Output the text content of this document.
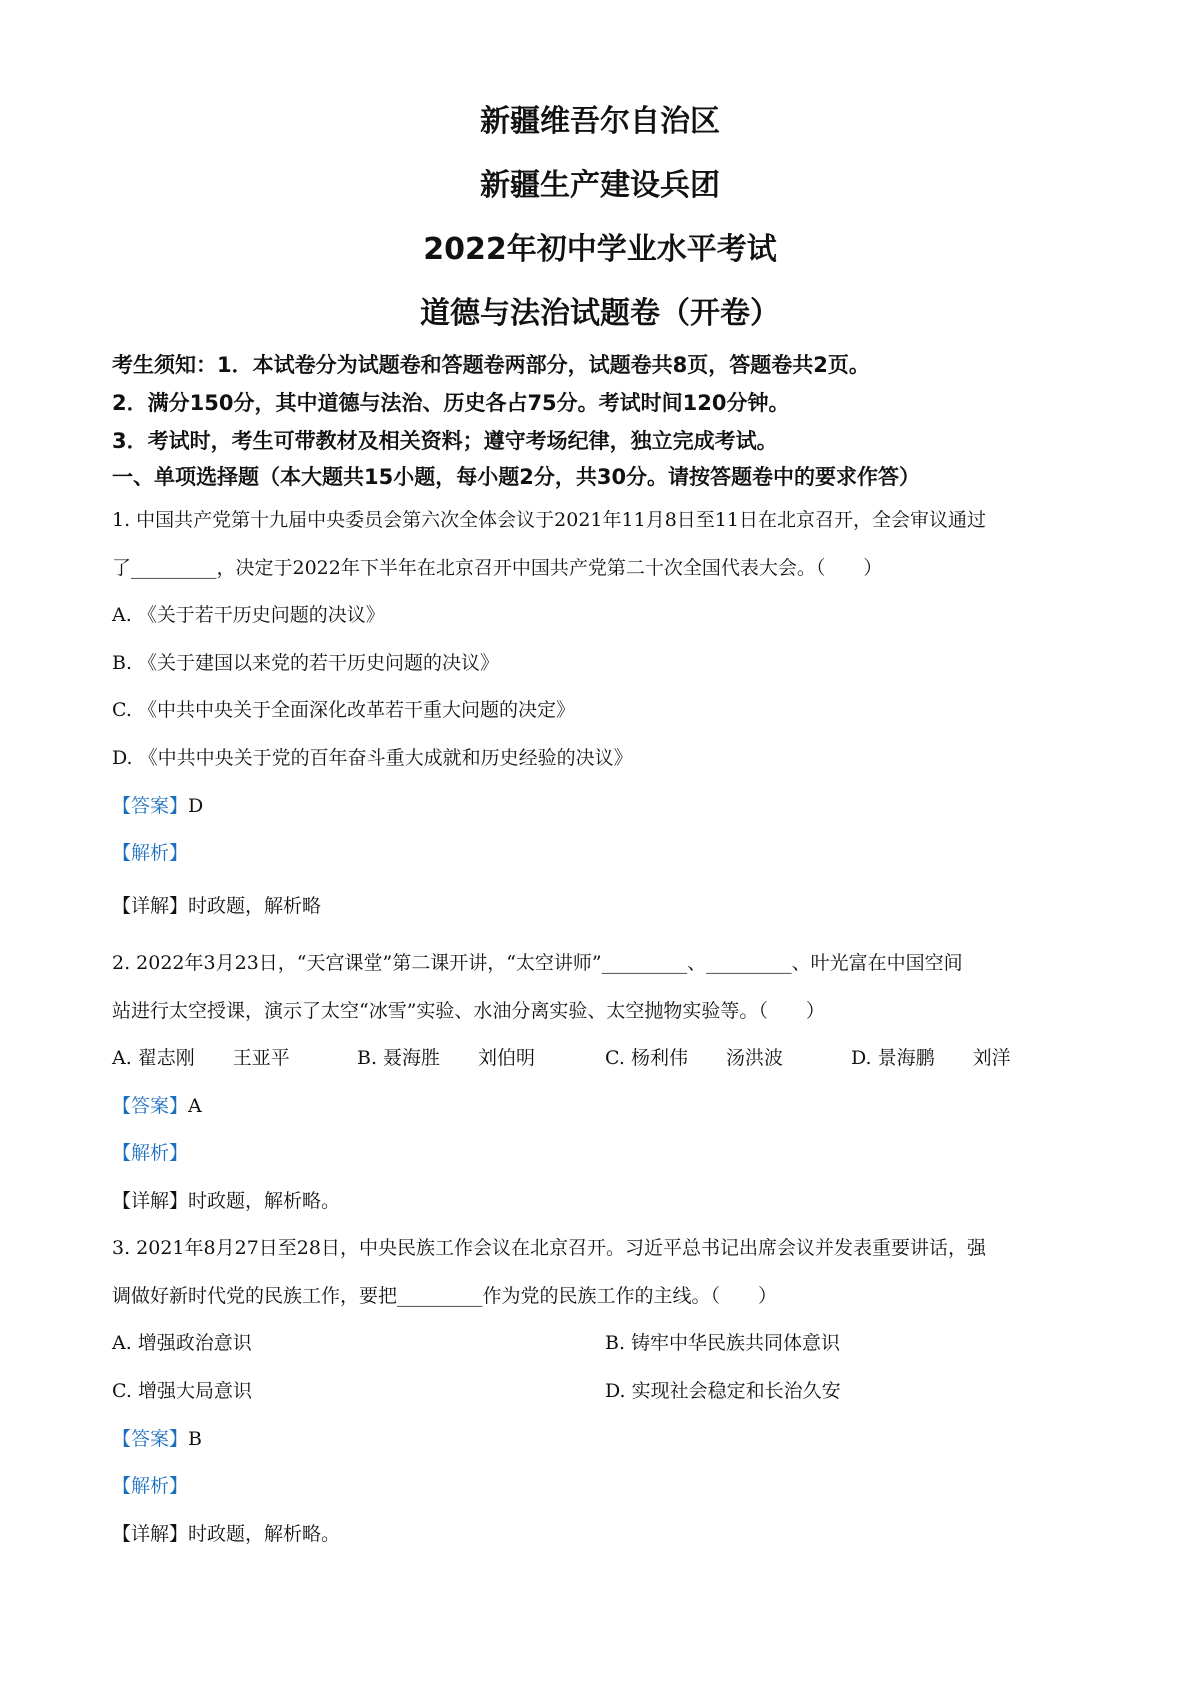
新疆维吾尔自治区
新疆生产建设兵团
2022年初中学业水平考试
道德与法治试题卷（开卷）
考生须知：1．本试卷分为试题卷和答题卷两部分，试题卷共8页，答题卷共2页。
2．满分150分，其中道德与法治、历史各占75分。考试时间120分钟。
3．考试时，考生可带教材及相关资料；遵守考场纪律，独立完成考试。
一、单项选择题（本大题共15小题，每小题2分，共30分。请按答题卷中的要求作答）
1. 中国共产党第十九届中央委员会第六次全体会议于2021年11月8日至11日在北京召开，全会审议通过
了_________，决定于2022年下半年在北京召开中国共产党第二十次全国代表大会。（　　）
A. 《关于若干历史问题的决议》
B. 《关于建国以来党的若干历史问题的决议》
C. 《中共中央关于全面深化改革若干重大问题的决定》
D. 《中共中央关于党的百年奋斗重大成就和历史经验的决议》
【答案】D
【解析】
【详解】时政题，解析略
2. 2022年3月23日，“天宫课堂”第二课开讲，“太空讲师”_________、_________、叶光富在中国空间
站进行太空授课，演示了太空“冰雪”实验、水油分离实验、太空抛物实验等。（　　）
A. 翟志刚　　王亚平	B. 聂海胜　　刘伯明	C. 杨利伟　　汤洪波	D. 景海鹏　　刘洋
【答案】A
【解析】
【详解】时政题，解析略。
3. 2021年8月27日至28日，中央民族工作会议在北京召开。习近平总书记出席会议并发表重要讲话，强
调做好新时代党的民族工作，要把_________作为党的民族工作的主线。（　　）
A. 增强政治意识	B. 铸牢中华民族共同体意识
C. 增强大局意识	D. 实现社会稳定和长治久安
【答案】B
【解析】
【详解】时政题，解析略。
